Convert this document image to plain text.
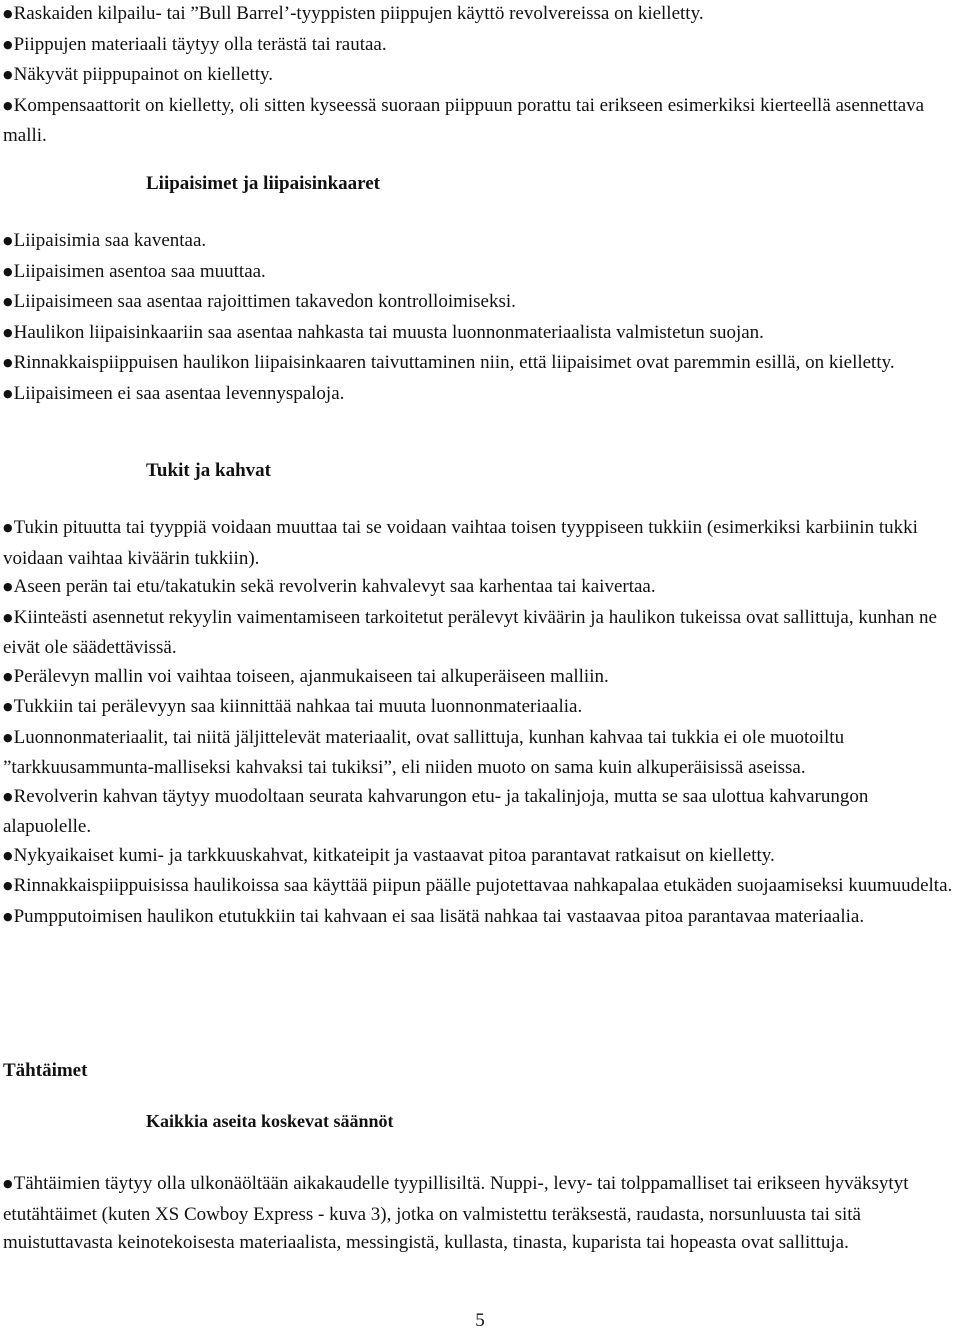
● Raskaiden kilpailu- tai ”Bull Barrel’-tyyppisten piippujen käyttö revolvereissa on kielletty.
● Piippujen materiaali täytyy olla terästä tai rautaa.
● Näkyvät piippupainot on kielletty.
● Kompensaattorit on kielletty, oli sitten kyseessä suoraan piippuun porattu tai erikseen esimerkiksi kierteellä asennettava malli.

Liipaisimet ja liipaisinkaaret

● Liipaisimia saa kaventaa.
● Liipaisimen asentoa saa muuttaa.
● Liipaisimeen saa asentaa rajoittimen takavedon kontrolloimiseksi.
● Haulikon liipaisinkaariin saa asentaa nahkasta tai muusta luonnonmateriaalista valmistetun suojan.
● Rinnakkaispiippuisen haulikon liipaisinkaaren taivuttaminen niin, että liipaisimet ovat paremmin esillä, on kielletty.
● Liipaisimeen ei saa asentaa levennyspaloja.

Tukit ja kahvat

● Tukin pituutta tai tyyppiä voidaan muuttaa tai se voidaan vaihtaa toisen tyyppiseen tukkiin (esimerkiksi karbiinin tukki voidaan vaihtaa kiväärin tukkiin).
● Aseen perän tai etu/takatukin sekä revolverin kahvalevyt saa karhentaa tai kaivertaa.
● Kiinteästi asennetut rekyylin vaimentamiseen tarkoitetut perälevyt kiväärin ja haulikon tukeissa ovat sallittuja, kunhan ne eivät ole säädettävissä.
● Perälevyn mallin voi vaihtaa toiseen, ajanmukaiseen tai alkuperäiseen malliin.
● Tukkiin tai perälevyyn saa kiinnittää nahkaa tai muuta luonnonmateriaalia.
● Luonnonmateriaalit, tai niitä jäljittelevät materiaalit, ovat sallittuja, kunhan kahvaa tai tukkia ei ole muotoiltu ”tarkkuusammunta-malliseksi kahvaksi tai tukiksi”, eli niiden muoto on sama kuin alkuperäisissä aseissa.
● Revolverin kahvan täytyy muodoltaan seurata kahvarungon etu- ja takalinjoja, mutta se saa ulottua kahvarungon alapuolelle.
● Nykyaikaiset kumi- ja tarkkuuskahvat, kitkateipit ja vastaavat pitoa parantavat ratkaisut on kielletty.
● Rinnakkaispiippuisissa haulikoissa saa käyttää piipun päälle pujotettavaa nahkapalaa etukäden suojaamiseksi kuumuudelta.
● Pumpputoimisen haulikon etutukkiin tai kahvaan ei saa lisätä nahkaa tai vastaavaa pitoa parantavaa materiaalia.

Tähtäimet

Kaikkia aseita koskevat säännöt

● Tähtäimien täytyy olla ulkonäöltään aikakaudelle tyypillisiltä. Nuppi-, levy- tai tolppamalliset tai erikseen hyväksytyt etutähtäimet (kuten XS Cowboy Express - kuva 3), jotka on valmistettu teräksestä, raudasta, norsunluusta tai sitä muistuttavasta keinotekoisesta materiaalista, messingistä, kullasta, tinasta, kuparista tai hopeasta ovat sallittuja.
5
